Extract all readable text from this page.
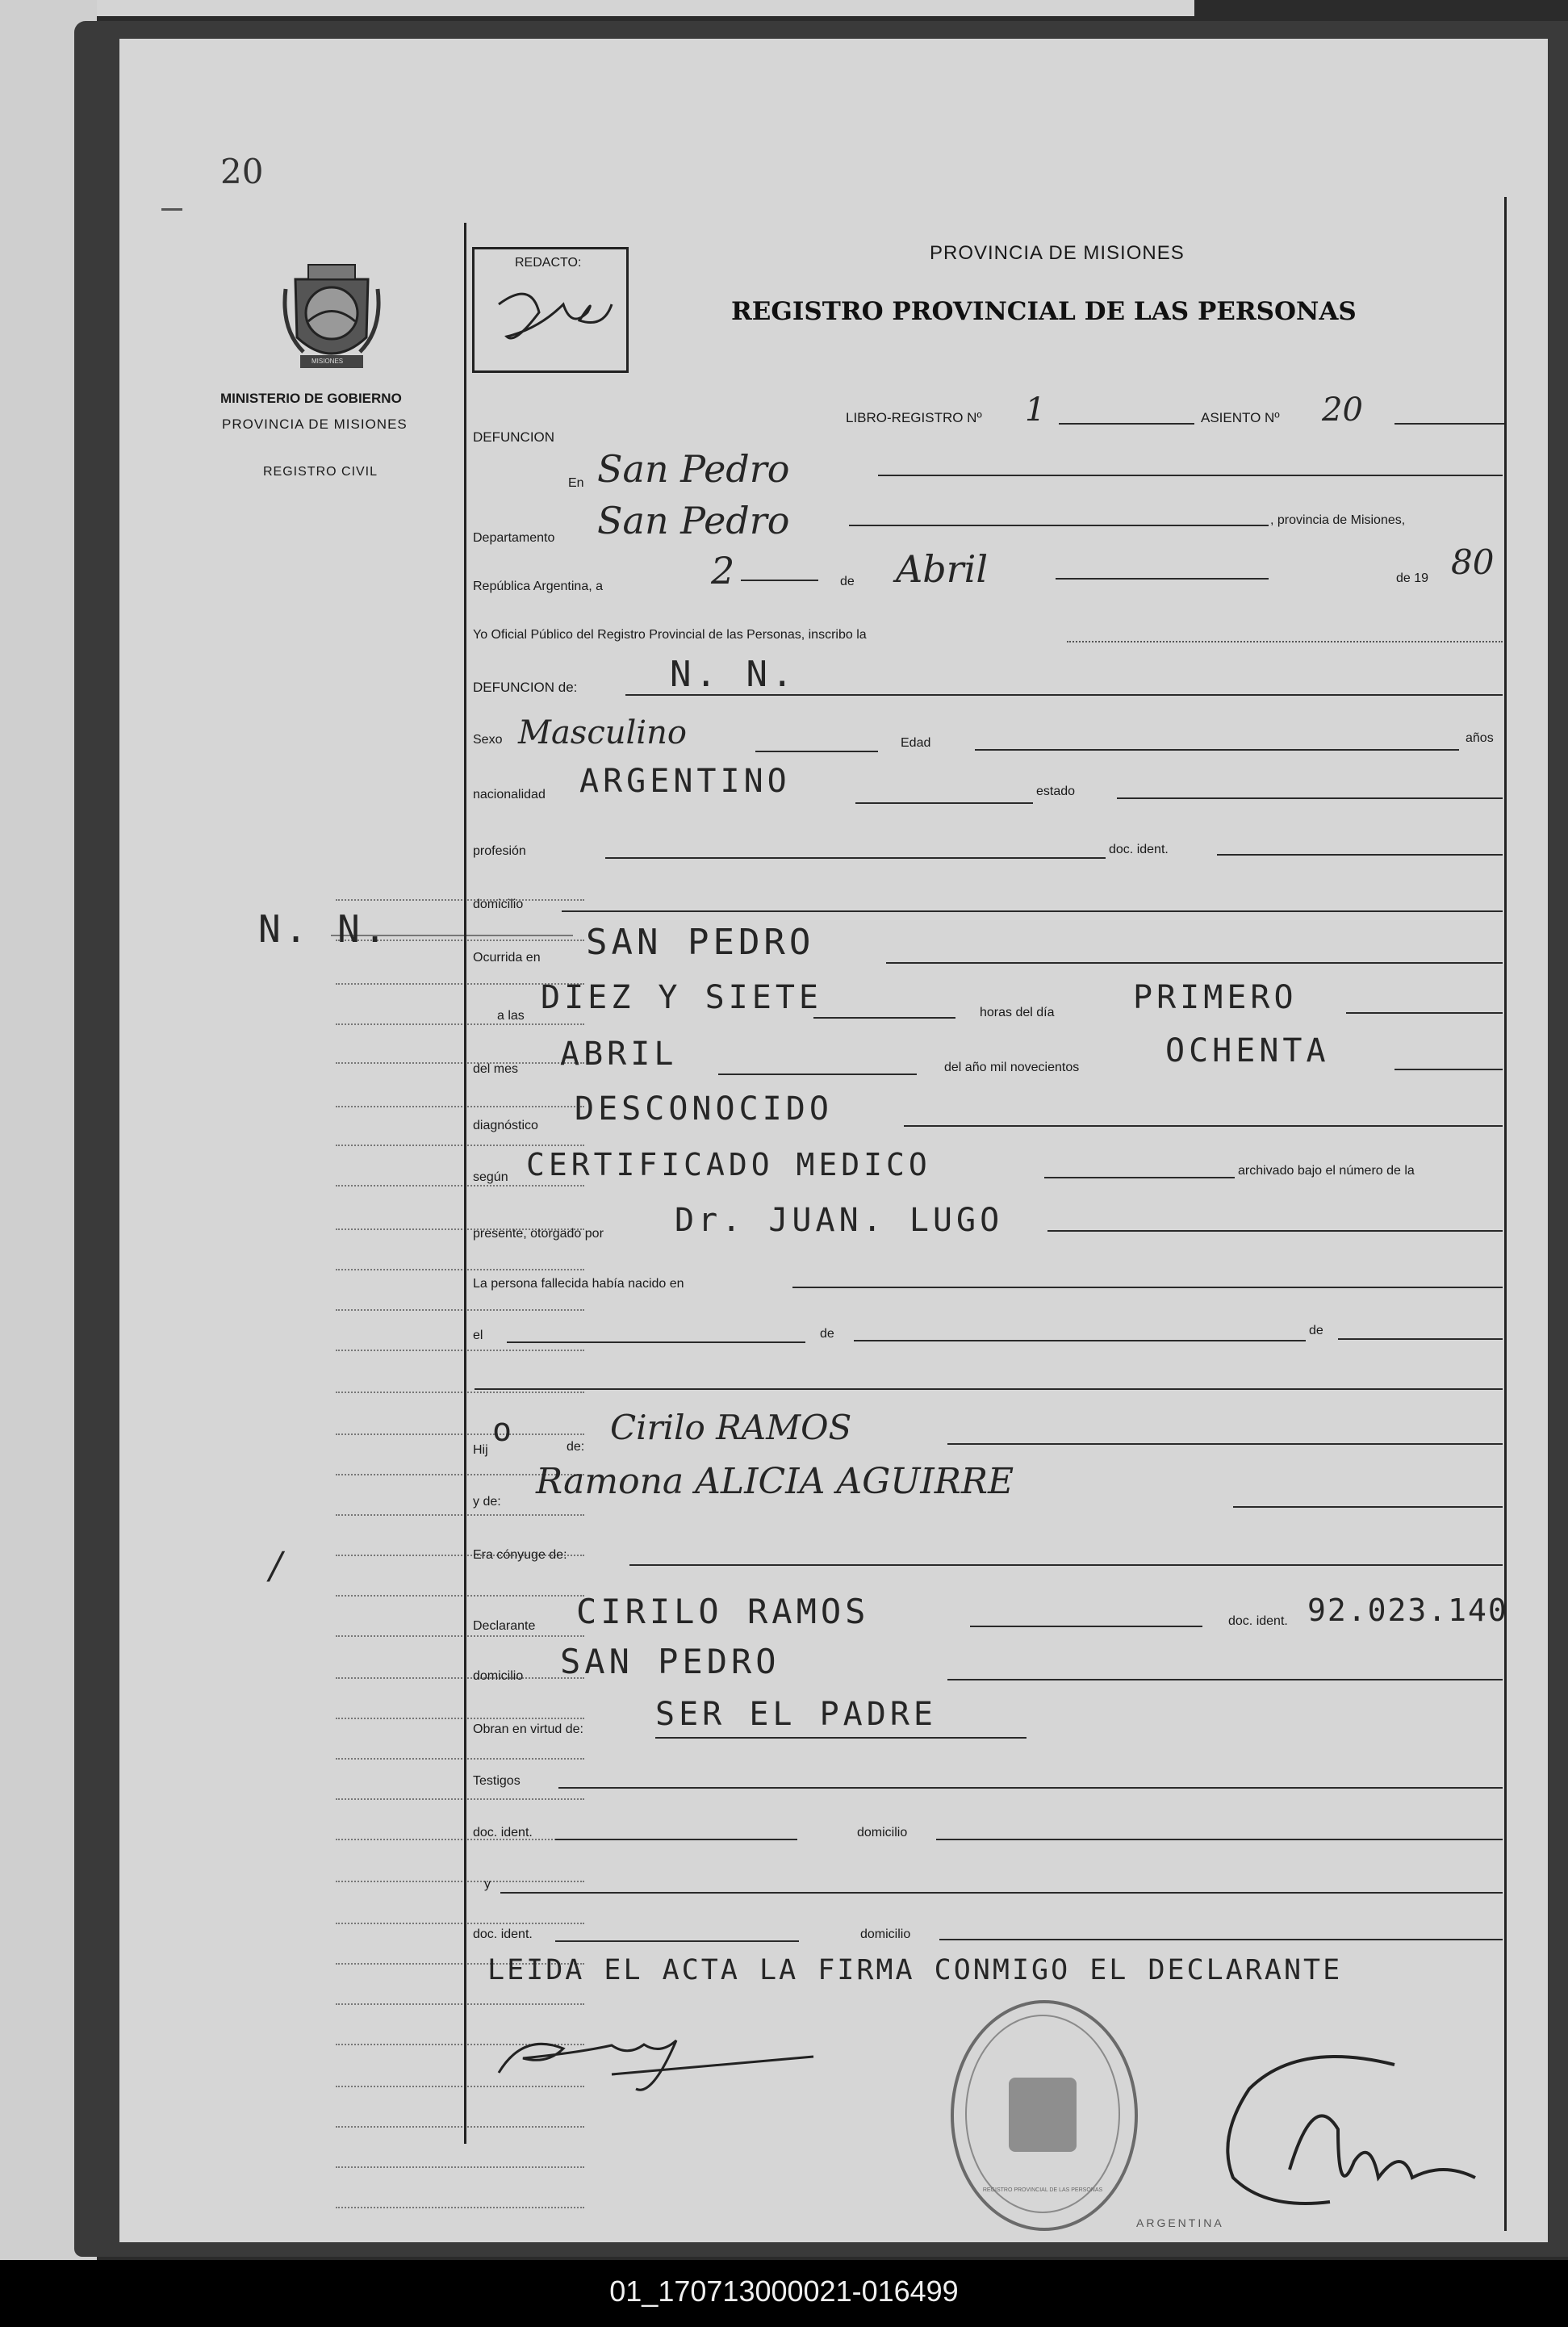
20
MISIONES
MINISTERIO DE GOBIERNO
PROVINCIA DE MISIONES
REGISTRO CIVIL
N. N.
/
REDACTO:	PROVINCIA DE MISIONES
REGISTRO PROVINCIAL DE LAS PERSONAS
DEFUNCION
LIBRO-REGISTRO Nº 1	ASIENTO Nº 20
En San Pedro
Departamento San Pedro	, provincia de Misiones,
República Argentina, a	2	de Abril	de 19 80
Yo Oficial Público del Registro Provincial de las Personas, inscribo la
DEFUNCION de:	N. N.
Sexo Masculino	Edad	años
nacionalidad ARGENTINO	estado
profesión	doc. ident.
domicilio
Ocurrida en SAN PEDRO
a las DIEZ Y SIETE	horas del día PRIMERO
del mes ABRIL	del año mil novecientos	OCHENTA
diagnóstico DESCONOCIDO
según CERTIFICADO MEDICO	archivado bajo el número de la
presente, otorgado por Dr. JUAN. LUGO
La persona fallecida había nacido en
el	de	de
Hij
o	de: Cirilo RAMOS
y de: Ramona ALICIA AGUIRRE
Era cónyuge de:
Declarante CIRILO RAMOS	doc. ident. 92.023.140
domicilio SAN PEDRO
Obran en virtud de: SER EL PADRE
Testigos
doc. ident.	domicilio
y
doc. ident.	domicilio
LEIDA EL ACTA LA FIRMA CONMIGO EL DECLARANTE
REGISTRO PROVINCIAL DE LAS PERSONAS
ARGENTINA
01_170713000021-016499
